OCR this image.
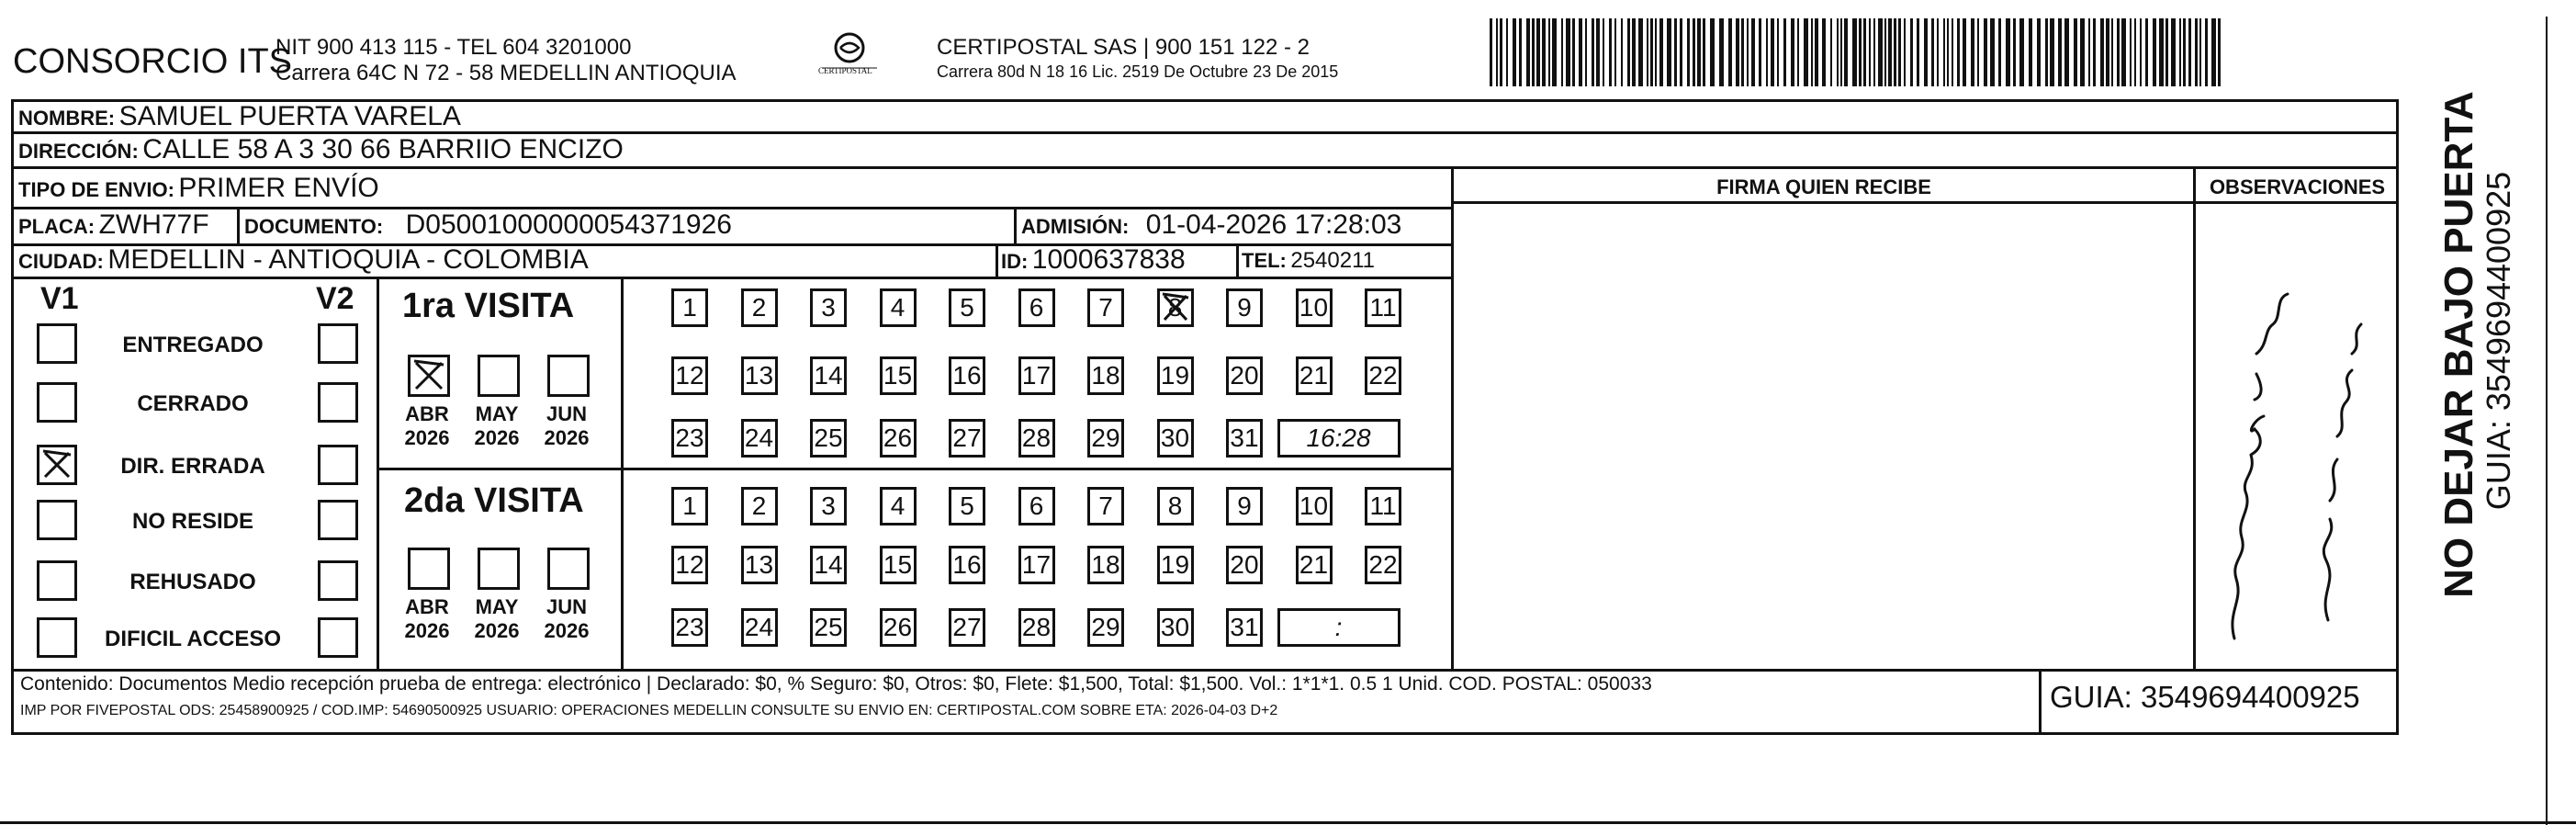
CONSORCIO ITS
NIT 900 413 115 - TEL 604 3201000
Carrera 64C N 72 - 58 MEDELLIN ANTIOQUIA	CERTIPOSTAL
CERTIPOSTAL SAS | 900 151 122 - 2
Carrera 80d N 18 16 Lic. 2519 De Octubre 23 De 2015
NOMBRE: SAMUEL PUERTA VARELA
DIRECCIÓN: CALLE 58 A 3 30 66 BARRIIO ENCIZO
TIPO DE ENVIO: PRIMER ENVÍO
PLACA: ZWH77F DOCUMENTO: D05001000000054371926	ADMISIÓN: 01-04-2026 17:28:03
CIUDAD: MEDELLIN - ANTIOQUIA - COLOMBIA	ID: 1000637838	TEL: 2540211
FIRMA QUIEN RECIBE	OBSERVACIONES
V1	V2
ENTREGADO
CERRADO
DIR. ERRADA
NO RESIDE
REHUSADO
DIFICIL ACCESO
1ra VISITA
ABR
2026
MAY
2026
JUN
2026
1 2 3 4 5 6 7 8 9 10 11
12 13 14 15 16 17 18 19 20 21 22
23 24 25 26 27 28 29 30 31 16:28
2da VISITA
ABR
2026
MAY
2026
JUN
2026
1 2 3 4 5 6 7 8 9 10 11
12 13 14 15 16 17 18 19 20 21 22
23 24 25 26 27 28 29 30 31	:
Contenido: Documentos Medio recepción prueba de entrega: electrónico | Declarado: $0, % Seguro: $0, Otros: $0, Flete: $1,500, Total: $1,500. Vol.: 1*1*1. 0.5 1 Unid. COD. POSTAL: 050033
IMP POR FIVEPOSTAL ODS: 25458900925 / COD.IMP: 54690500925 USUARIO: OPERACIONES MEDELLIN CONSULTE SU ENVIO EN: CERTIPOSTAL.COM SOBRE ETA: 2026-04-03 D+2	GUIA: 3549694400925
NO DEJAR BAJO PUERTA
GUIA: 3549694400925
